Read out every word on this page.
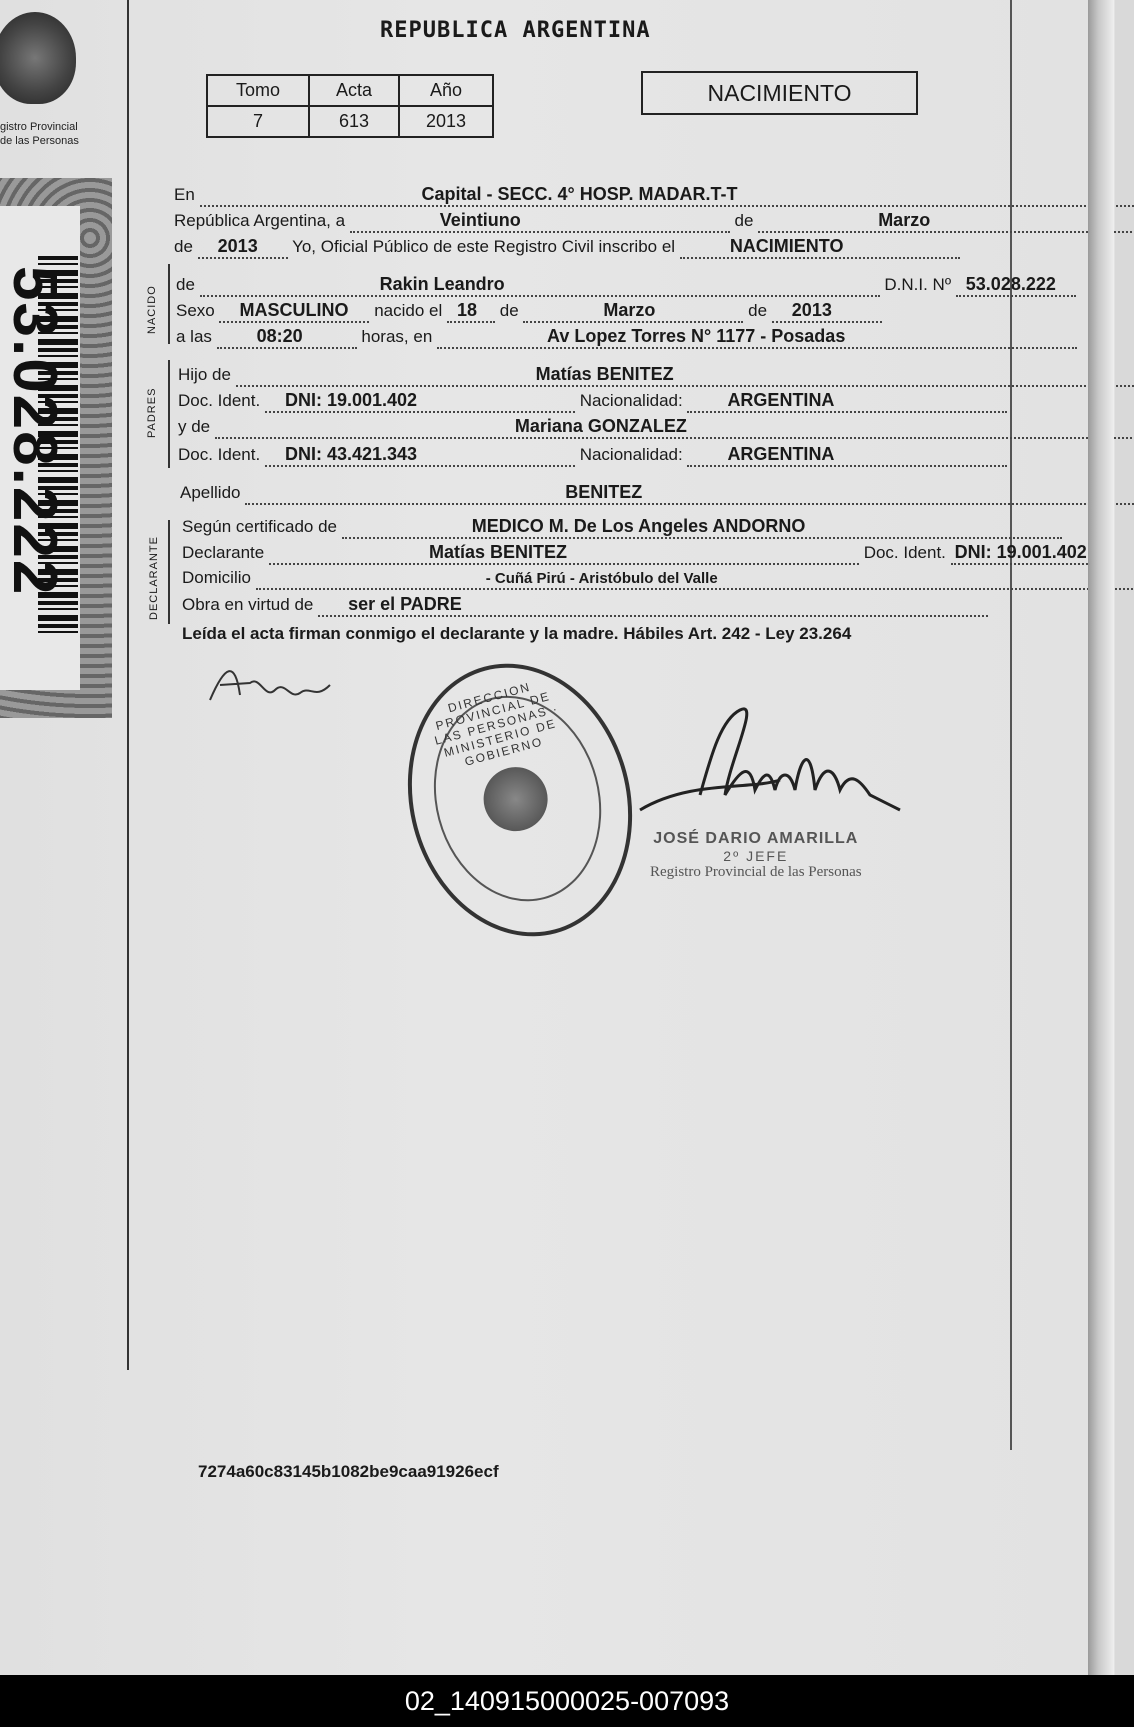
gistro Provincial
de las Personas
53.028.222
REPUBLICA ARGENTINA
Tomo	Acta	Año
7	613	2013
NACIMIENTO
En	Capital - SECC. 4° HOSP. MADAR.T-T
República Argentina, a	Veintiuno	de	Marzo
de 2013 Yo, Oficial Público de este Registro Civil inscribo el	NACIMIENTO
NACIDO
de	Rakin Leandro	D.N.I. Nº 53.028.222
Sexo MASCULINO nacido el 18 de	Marzo	de 2013
a las 08:20	horas, en	Av Lopez Torres N° 1177 - Posadas
PADRES
Hijo de	Matías BENITEZ
Doc. Ident. DNI: 19.001.402	Nacionalidad: ARGENTINA
y de	Mariana GONZALEZ
Doc. Ident. DNI: 43.421.343	Nacionalidad: ARGENTINA
Apellido	BENITEZ
DECLARANTE
Según certificado de	MEDICO M. De Los Angeles ANDORNO
Declarante	Matías BENITEZ	Doc. Ident. DNI: 19.001.402
Domicilio	- Cuñá Pirú - Aristóbulo del Valle
Obra en virtud de ser el PADRE
Leída el acta firman conmigo el declarante y la madre. Hábiles Art. 242 - Ley 23.264
DIRECCION PROVINCIAL DE LAS PERSONAS · MINISTERIO DE GOBIERNO
JOSÉ DARIO AMARILLA
2º JEFE
Registro Provincial de las Personas
7274a60c83145b1082be9caa91926ecf
02_140915000025-007093
